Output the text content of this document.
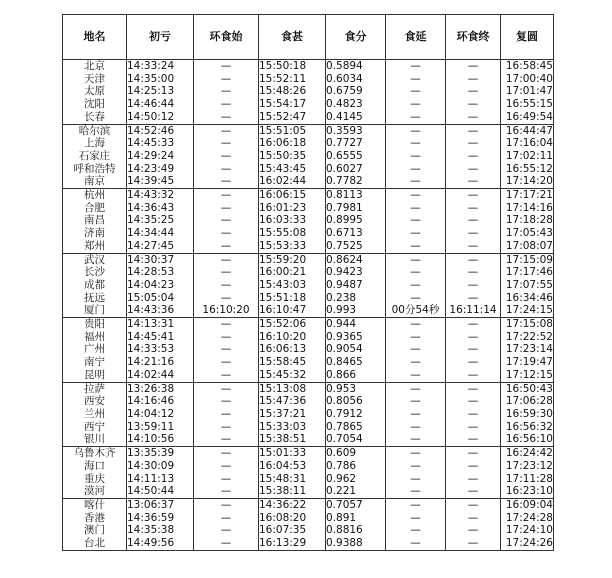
地名	初亏	环食始	食甚	食分	食延	环食终	复圆
北京	14:33:24	—	15:50:18	0.5894	—	—	16:58:45
天津	14:35:00	—	15:52:11	0.6034	—	—	17:00:40
太原	14:25:13	—	15:48:26	0.6759	—	—	17:01:47
沈阳	14:46:44	—	15:54:17	0.4823	—	—	16:55:15
长春	14:50:12	—	15:52:47	0.4145	—	—	16:49:54
哈尔滨	14:52:46	—	15:51:05	0.3593	—	—	16:44:47
上海	14:45:33	—	16:06:18	0.7727	—	—	17:16:04
石家庄	14:29:24	—	15:50:35	0.6555	—	—	17:02:11
呼和浩特	14:23:49	—	15:43:45	0.6027	—	—	16:55:12
南京	14:39:45	—	16:02:44	0.7782	—	—	17:14:20
杭州	14:43:32	—	16:06:15	0.8113	—	—	17:17:21
合肥	14:36:43	—	16:01:23	0.7981	—	—	17:14:16
南昌	14:35:25	—	16:03:33	0.8995	—	—	17:18:28
济南	14:34:44	—	15:55:08	0.6713	—	—	17:05:43
郑州	14:27:45	—	15:53:33	0.7525	—	—	17:08:07
武汉	14:30:37	—	15:59:20	0.8624	—	—	17:15:09
长沙	14:28:53	—	16:00:21	0.9423	—	—	17:17:46
成都	14:04:23	—	15:43:03	0.9487	—	—	17:07:55
抚远	15:05:04	—	15:51:18	0.238	—	—	16:34:46
厦门	14:43:36	16:10:20	16:10:47	0.993	00分54秒	16:11:14	17:24:15
贵阳	14:13:31	—	15:52:06	0.944	—	—	17:15:08
福州	14:45:41	—	16:10:20	0.9365	—	—	17:22:52
广州	14:33:53	—	16:06:13	0.9054	—	—	17:23:14
南宁	14:21:16	—	15:58:45	0.8465	—	—	17:19:47
昆明	14:02:44	—	15:45:32	0.866	—	—	17:12:15
拉萨	13:26:38	—	15:13:08	0.953	—	—	16:50:43
西安	14:16:46	—	15:47:36	0.8056	—	—	17:06:28
兰州	14:04:12	—	15:37:21	0.7912	—	—	16:59:30
西宁	13:59:11	—	15:33:03	0.7865	—	—	16:56:32
银川	14:10:56	—	15:38:51	0.7054	—	—	16:56:10
乌鲁木齐	13:35:39	—	15:01:33	0.609	—	—	16:24:42
海口	14:30:09	—	16:04:53	0.786	—	—	17:23:12
重庆	14:11:13	—	15:48:31	0.962	—	—	17:11:28
漠河	14:50:44	—	15:38:11	0.221	—	—	16:23:10
喀什	13:06:37	—	14:36:22	0.7057	—	—	16:09:04
香港	14:36:59	—	16:08:20	0.891	—	—	17:24:28
澳门	14:35:38	—	16:07:35	0.8816	—	—	17:24:10
台北	14:49:56	—	16:13:29	0.9388	—	—	17:24:26
